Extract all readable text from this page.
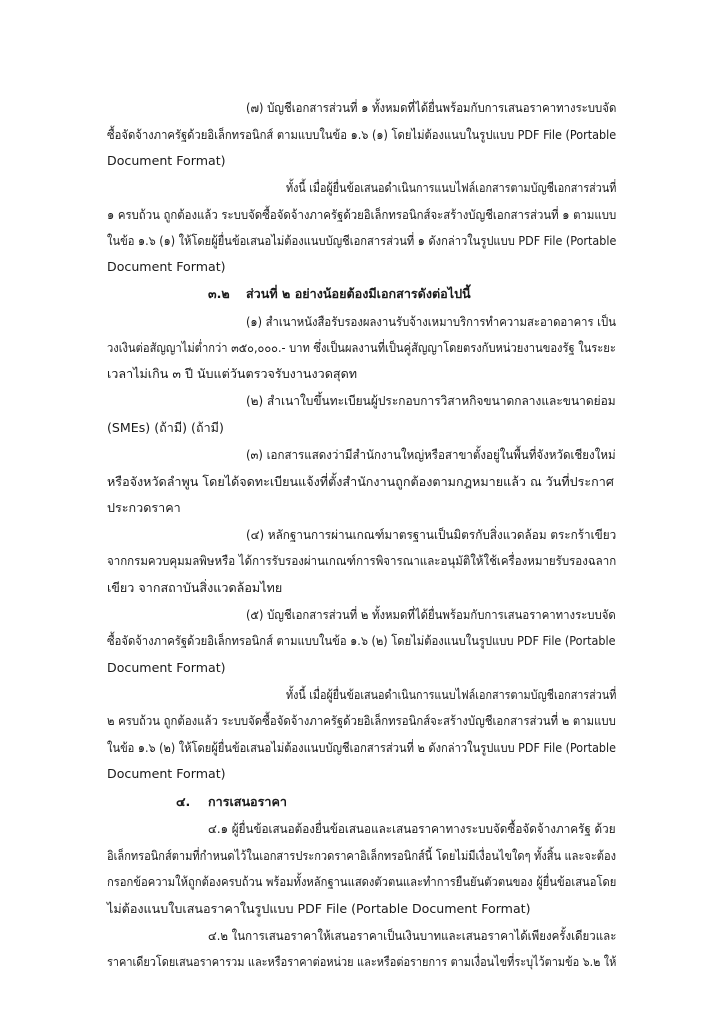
(๗) บัญชีเอกสารส่วนที่ ๑ ทั้งหมดที่ได้ยื่นพร้อมกับการเสนอราคาทางระบบจัด
ซื้อจัดจ้างภาครัฐด้วยอิเล็กทรอนิกส์ ตามแบบในข้อ ๑.๖ (๑) โดยไม่ต้องแนบในรูปแบบ PDF File (Portable
Document Format)
ทั้งนี้ เมื่อผู้ยื่นข้อเสนอดำเนินการแนบไฟล์เอกสารตามบัญชีเอกสารส่วนที่
๑ ครบถ้วน ถูกต้องแล้ว ระบบจัดซื้อจัดจ้างภาครัฐด้วยอิเล็กทรอนิกส์จะสร้างบัญชีเอกสารส่วนที่ ๑ ตามแบบ
ในข้อ ๑.๖ (๑) ให้โดยผู้ยื่นข้อเสนอไม่ต้องแนบบัญชีเอกสารส่วนที่ ๑ ดังกล่าวในรูปแบบ PDF File (Portable
Document Format)
๓.๒ ส่วนที่ ๒ อย่างน้อยต้องมีเอกสารดังต่อไปนี้
(๑) สำเนาหนังสือรับรองผลงานรับจ้างเหมาบริการทำความสะอาดอาคาร เป็น
วงเงินต่อสัญญาไม่ต่ำกว่า ๓๕๐,๐๐๐.- บาท ซึ่งเป็นผลงานที่เป็นคู่สัญญาโดยตรงกับหน่วยงานของรัฐ ในระยะ
เวลาไม่เกิน ๓ ปี นับแต่วันตรวจรับงานงวดสุดท
(๒) สำเนาใบขึ้นทะเบียนผู้ประกอบการวิสาหกิจขนาดกลางและขนาดย่อม
(SMEs) (ถ้ามี) (ถ้ามี)
(๓) เอกสารแสดงว่ามีสำนักงานใหญ่หรือสาขาตั้งอยู่ในพื้นที่จังหวัดเชียงใหม่
หรือจังหวัดลำพูน โดยได้จดทะเบียนแจ้งที่ตั้งสำนักงานถูกต้องตามกฎหมายแล้ว ณ วันที่ประกาศ
ประกวดราคา
(๔) หลักฐานการผ่านเกณฑ์มาตรฐานเป็นมิตรกับสิ่งแวดล้อม ตระกร้าเขียว
จากกรมควบคุมมลพิษหรือ ได้การรับรองผ่านเกณฑ์การพิจารณาและอนุมัติให้ใช้เครื่องหมายรับรองฉลาก
เขียว จากสถาบันสิ่งแวดล้อมไทย
(๕) บัญชีเอกสารส่วนที่ ๒ ทั้งหมดที่ได้ยื่นพร้อมกับการเสนอราคาทางระบบจัด
ซื้อจัดจ้างภาครัฐด้วยอิเล็กทรอนิกส์ ตามแบบในข้อ ๑.๖ (๒) โดยไม่ต้องแนบในรูปแบบ PDF File (Portable
Document Format)
ทั้งนี้ เมื่อผู้ยื่นข้อเสนอดำเนินการแนบไฟล์เอกสารตามบัญชีเอกสารส่วนที่
๒ ครบถ้วน ถูกต้องแล้ว ระบบจัดซื้อจัดจ้างภาครัฐด้วยอิเล็กทรอนิกส์จะสร้างบัญชีเอกสารส่วนที่ ๒ ตามแบบ
ในข้อ ๑.๖ (๒) ให้โดยผู้ยื่นข้อเสนอไม่ต้องแนบบัญชีเอกสารส่วนที่ ๒ ดังกล่าวในรูปแบบ PDF File (Portable
Document Format)
๔. การเสนอราคา
๔.๑ ผู้ยื่นข้อเสนอต้องยื่นข้อเสนอและเสนอราคาทางระบบจัดซื้อจัดจ้างภาครัฐ ด้วย
อิเล็กทรอนิกส์ตามที่กำหนดไว้ในเอกสารประกวดราคาอิเล็กทรอนิกส์นี้ โดยไม่มีเงื่อนไขใดๆ ทั้งสิ้น และจะต้อง
กรอกข้อความให้ถูกต้องครบถ้วน พร้อมทั้งหลักฐานแสดงตัวตนและทำการยืนยันตัวตนของ ผู้ยื่นข้อเสนอโดย
ไม่ต้องแนบใบเสนอราคาในรูปแบบ PDF File (Portable Document Format)
๔.๒ ในการเสนอราคาให้เสนอราคาเป็นเงินบาทและเสนอราคาได้เพียงครั้งเดียวและ
ราคาเดียวโดยเสนอราคารวม และหรือราคาต่อหน่วย และหรือต่อรายการ ตามเงื่อนไขที่ระบุไว้ตามข้อ ๖.๒ ให้
